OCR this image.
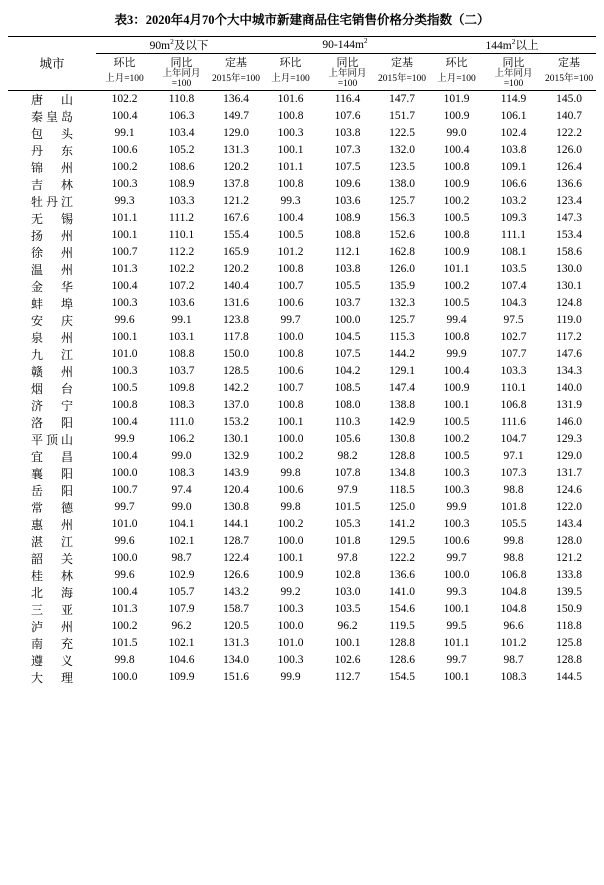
表3：2020年4月70个大中城市新建商品住宅销售价格分类指数（二）
城市	$90m^2$及以下			$90-144m^2$			$144m^2$以上		
	环比	同比	定基	环比	同比	定基	环比	同比	定基
	上月=100	上年同月=100	2015年=100	上月=100	上年同月=100	2015年=100	上月=100	上年同月=100	2015年=100
唐　山	102.2	110.8	136.4	101.6	116.4	147.7	101.9	114.9	145.0
秦皇岛	100.4	106.3	149.7	100.8	107.6	151.7	100.9	106.1	140.7
包　头	99.1	103.4	129.0	100.3	103.8	122.5	99.0	102.4	122.2
丹　东	100.6	105.2	131.3	100.1	107.3	132.0	100.4	103.8	126.0
锦　州	100.2	108.6	120.2	101.1	107.5	123.5	100.8	109.1	126.4
吉　林	100.3	108.9	137.8	100.8	109.6	138.0	100.9	106.6	136.6
牡丹江	99.3	103.3	121.2	99.3	103.6	125.7	100.2	103.2	123.4
无　锡	101.1	111.2	167.6	100.4	108.9	156.3	100.5	109.3	147.3
扬　州	100.1	110.1	155.4	100.5	108.8	152.6	100.8	111.1	153.4
徐　州	100.7	112.2	165.9	101.2	112.1	162.8	100.9	108.1	158.6
温　州	101.3	102.2	120.2	100.8	103.8	126.0	101.1	103.5	130.0
金　华	100.4	107.2	140.4	100.7	105.5	135.9	100.2	107.4	130.1
蚌　埠	100.3	103.6	131.6	100.6	103.7	132.3	100.5	104.3	124.8
安　庆	99.6	99.1	123.8	99.7	100.0	125.7	99.4	97.5	119.0
泉　州	100.1	103.1	117.8	100.0	104.5	115.3	100.8	102.7	117.2
九　江	101.0	108.8	150.0	100.8	107.5	144.2	99.9	107.7	147.6
赣　州	100.3	103.7	128.5	100.6	104.2	129.1	100.4	103.3	134.3
烟　台	100.5	109.8	142.2	100.7	108.5	147.4	100.9	110.1	140.0
济　宁	100.8	108.3	137.0	100.8	108.0	138.8	100.1	106.8	131.9
洛　阳	100.4	111.0	153.2	100.1	110.3	142.9	100.5	111.6	146.0
平顶山	99.9	106.2	130.1	100.0	105.6	130.8	100.2	104.7	129.3
宜　昌	100.4	99.0	132.9	100.2	98.2	128.8	100.5	97.1	129.0
襄　阳	100.0	108.3	143.9	99.8	107.8	134.8	100.3	107.3	131.7
岳　阳	100.7	97.4	120.4	100.6	97.9	118.5	100.3	98.8	124.6
常　德	99.7	99.0	130.8	99.8	101.5	125.0	99.9	101.8	122.0
惠　州	101.0	104.1	144.1	100.2	105.3	141.2	100.3	105.5	143.4
湛　江	99.6	102.1	128.7	100.0	101.8	129.5	100.6	99.8	128.0
韶　关	100.0	98.7	122.4	100.1	97.8	122.2	99.7	98.8	121.2
桂　林	99.6	102.9	126.6	100.9	102.8	136.6	100.0	106.8	133.8
北　海	100.4	105.7	143.2	99.2	103.0	141.0	99.3	104.8	139.5
三　亚	101.3	107.9	158.7	100.3	103.5	154.6	100.1	104.8	150.9
泸　州	100.2	96.2	120.5	100.0	96.2	119.5	99.5	96.6	118.8
南　充	101.5	102.1	131.3	101.0	100.1	128.8	101.1	101.2	125.8
遵　义	99.8	104.6	134.0	100.3	102.6	128.6	99.7	98.7	128.8
大　理	100.0	109.9	151.6	99.9	112.7	154.5	100.1	108.3	144.5
